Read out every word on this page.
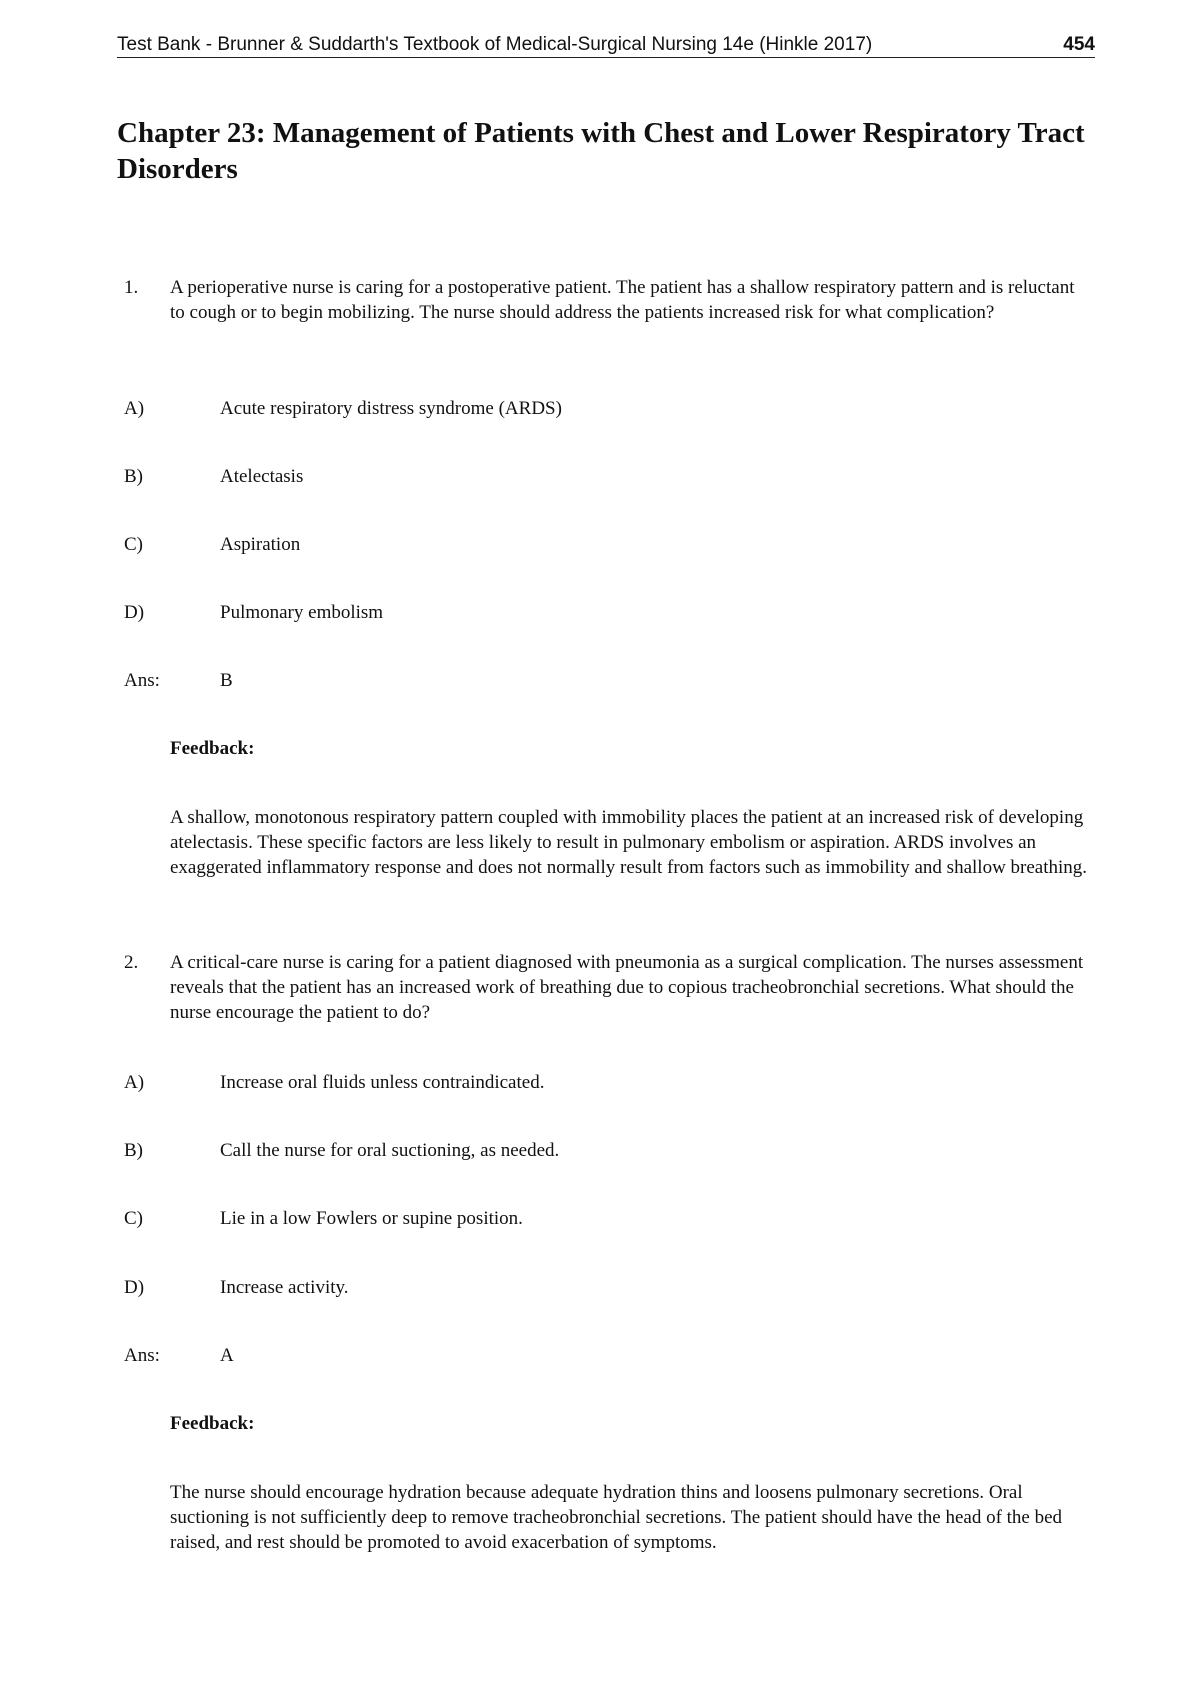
Test Bank - Brunner & Suddarth's Textbook of Medical-Surgical Nursing 14e (Hinkle 2017)	454
Chapter 23: Management of Patients with Chest and Lower Respiratory Tract Disorders
1. A perioperative nurse is caring for a postoperative patient. The patient has a shallow respiratory pattern and is reluctant to cough or to begin mobilizing. The nurse should address the patients increased risk for what complication?
A)	Acute respiratory distress syndrome (ARDS)
B)	Atelectasis
C)	Aspiration
D)	Pulmonary embolism
Ans:	B
Feedback:
A shallow, monotonous respiratory pattern coupled with immobility places the patient at an increased risk of developing atelectasis. These specific factors are less likely to result in pulmonary embolism or aspiration. ARDS involves an exaggerated inflammatory response and does not normally result from factors such as immobility and shallow breathing.
2. A critical-care nurse is caring for a patient diagnosed with pneumonia as a surgical complication. The nurses assessment reveals that the patient has an increased work of breathing due to copious tracheobronchial secretions. What should the nurse encourage the patient to do?
A)	Increase oral fluids unless contraindicated.
B)	Call the nurse for oral suctioning, as needed.
C)	Lie in a low Fowlers or supine position.
D)	Increase activity.
Ans:	A
Feedback:
The nurse should encourage hydration because adequate hydration thins and loosens pulmonary secretions. Oral suctioning is not sufficiently deep to remove tracheobronchial secretions. The patient should have the head of the bed raised, and rest should be promoted to avoid exacerbation of symptoms.
